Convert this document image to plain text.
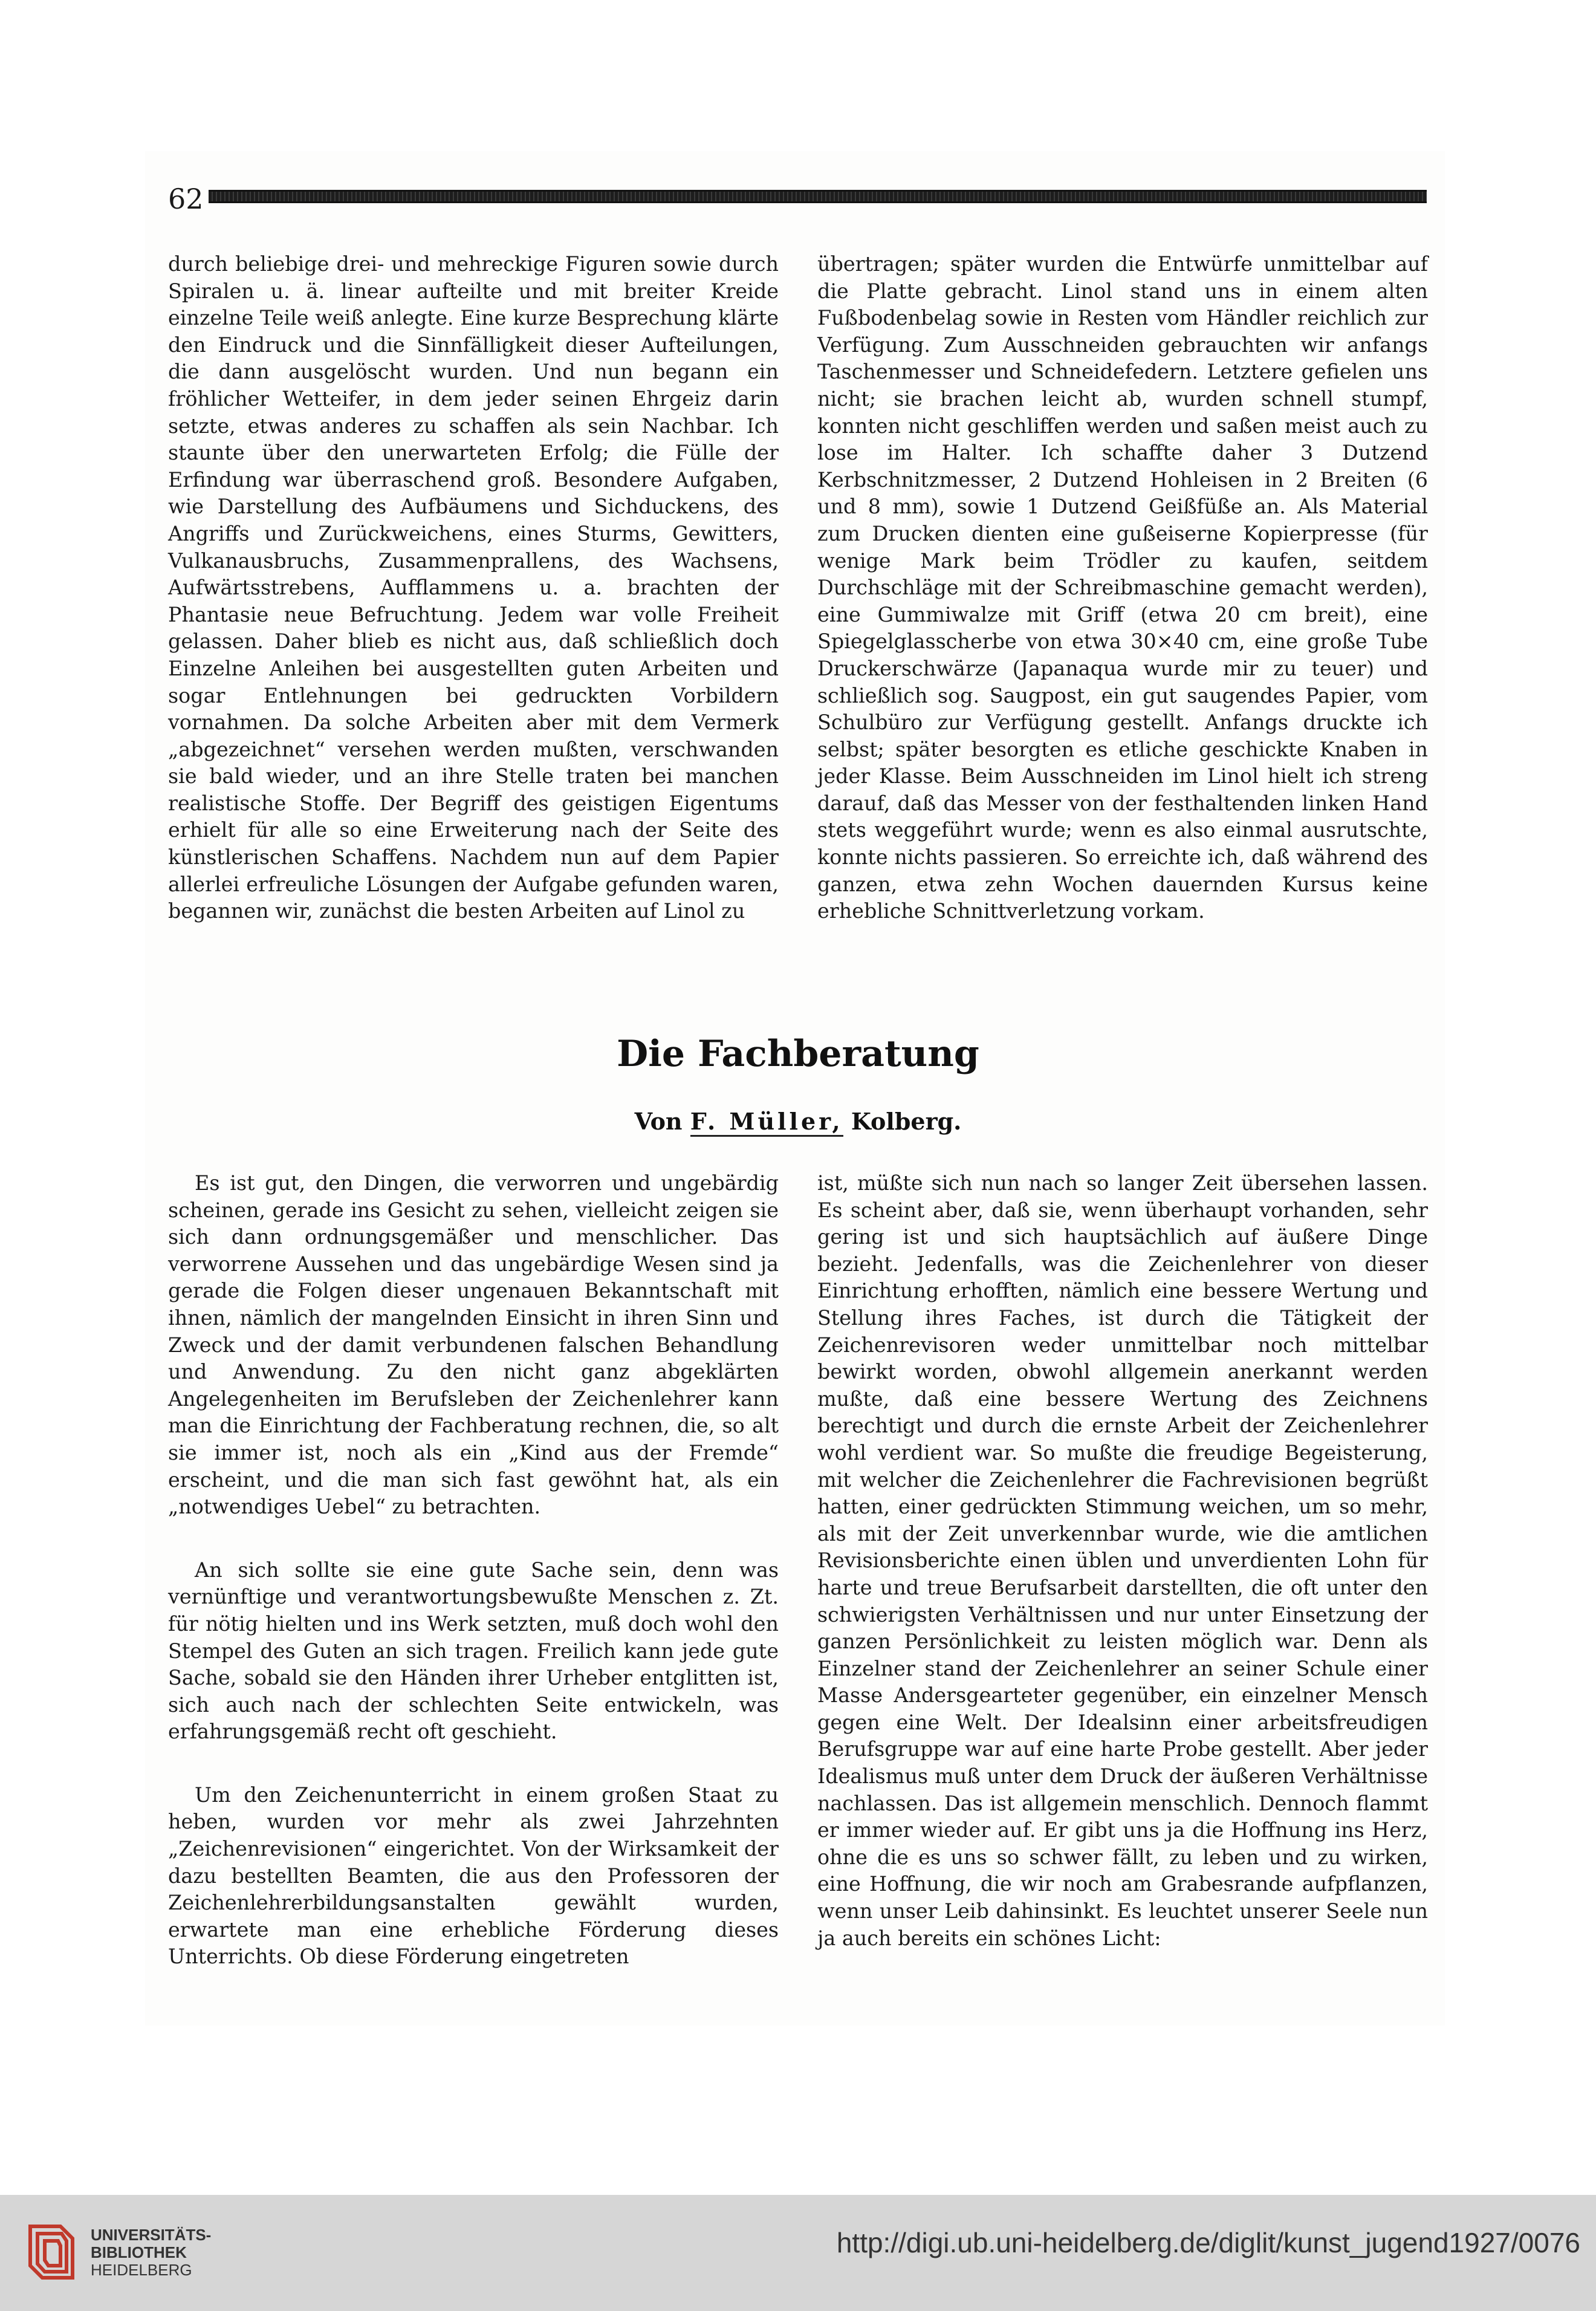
62

durch beliebige drei- und mehreckige Figuren sowie durch Spiralen u. ä. linear aufteilte und mit breiter Kreide einzelne Teile weiß anlegte. Eine kurze Besprechung klärte den Eindruck und die Sinnfälligkeit dieser Aufteilungen, die dann ausgelöscht wurden. Und nun begann ein fröhlicher Wetteifer, in dem jeder seinen Ehrgeiz darin setzte, etwas anderes zu schaffen als sein Nachbar. Ich staunte über den unerwarteten Erfolg; die Fülle der Erfindung war überraschend groß. Besondere Aufgaben, wie Darstellung des Aufbäumens und Sichduckens, des Angriffs und Zurückweichens, eines Sturms, Gewitters, Vulkanausbruchs, Zusammenprallens, des Wachsens, Aufwärtsstrebens, Aufflammens u. a. brachten der Phantasie neue Befruchtung. Jedem war volle Freiheit gelassen. Daher blieb es nicht aus, daß schließlich doch Einzelne Anleihen bei ausgestellten guten Arbeiten und sogar Entlehnungen bei gedruckten Vorbildern vornahmen. Da solche Arbeiten aber mit dem Vermerk „abgezeichnet“ versehen werden mußten, verschwanden sie bald wieder, und an ihre Stelle traten bei manchen realistische Stoffe. Der Begriff des geistigen Eigentums erhielt für alle so eine Erweiterung nach der Seite des künstlerischen Schaffens. Nachdem nun auf dem Papier allerlei erfreuliche Lösungen der Aufgabe gefunden waren, begannen wir, zunächst die besten Arbeiten auf Linol zu

übertragen; später wurden die Entwürfe unmittelbar auf die Platte gebracht. Linol stand uns in einem alten Fußbodenbelag sowie in Resten vom Händler reichlich zur Verfügung. Zum Ausschneiden gebrauchten wir anfangs Taschenmesser und Schneidefedern. Letztere gefielen uns nicht; sie brachen leicht ab, wurden schnell stumpf, konnten nicht geschliffen werden und saßen meist auch zu lose im Halter. Ich schaffte daher 3 Dutzend Kerbschnitzmesser, 2 Dutzend Hohleisen in 2 Breiten (6 und 8 mm), sowie 1 Dutzend Geißfüße an. Als Material zum Drucken dienten eine gußeiserne Kopierpresse (für wenige Mark beim Trödler zu kaufen, seitdem Durchschläge mit der Schreibmaschine gemacht werden), eine Gummiwalze mit Griff (etwa 20 cm breit), eine Spiegelglasscherbe von etwa 30×40 cm, eine große Tube Druckerschwärze (Japanaqua wurde mir zu teuer) und schließlich sog. Saugpost, ein gut saugendes Papier, vom Schulbüro zur Verfügung gestellt. Anfangs druckte ich selbst; später besorgten es etliche geschickte Knaben in jeder Klasse. Beim Ausschneiden im Linol hielt ich streng darauf, daß das Messer von der festhaltenden linken Hand stets weggeführt wurde; wenn es also einmal ausrutschte, konnte nichts passieren. So erreichte ich, daß während des ganzen, etwa zehn Wochen dauernden Kursus keine erhebliche Schnittverletzung vorkam.

Die Fachberatung
Von F. Müller, Kolberg.

Es ist gut, den Dingen, die verworren und ungebärdig scheinen, gerade ins Gesicht zu sehen, vielleicht zeigen sie sich dann ordnungsgemäßer und menschlicher. Das verworrene Aussehen und das ungebärdige Wesen sind ja gerade die Folgen dieser ungenauen Bekanntschaft mit ihnen, nämlich der mangelnden Einsicht in ihren Sinn und Zweck und der damit verbundenen falschen Behandlung und Anwendung. Zu den nicht ganz abgeklärten Angelegenheiten im Berufsleben der Zeichenlehrer kann man die Einrichtung der Fachberatung rechnen, die, so alt sie immer ist, noch als ein „Kind aus der Fremde“ erscheint, und die man sich fast gewöhnt hat, als ein „notwendiges Uebel“ zu betrachten.

An sich sollte sie eine gute Sache sein, denn was vernünftige und verantwortungsbewußte Menschen z. Zt. für nötig hielten und ins Werk setzten, muß doch wohl den Stempel des Guten an sich tragen. Freilich kann jede gute Sache, sobald sie den Händen ihrer Urheber entglitten ist, sich auch nach der schlechten Seite entwickeln, was erfahrungsgemäß recht oft geschieht.

Um den Zeichenunterricht in einem großen Staat zu heben, wurden vor mehr als zwei Jahrzehnten „Zeichenrevisionen“ eingerichtet. Von der Wirksamkeit der dazu bestellten Beamten, die aus den Professoren der Zeichenlehrerbildungsanstalten gewählt wurden, erwartete man eine erhebliche Förderung dieses Unterrichts. Ob diese Förderung eingetreten

ist, müßte sich nun nach so langer Zeit übersehen lassen. Es scheint aber, daß sie, wenn überhaupt vorhanden, sehr gering ist und sich hauptsächlich auf äußere Dinge bezieht. Jedenfalls, was die Zeichenlehrer von dieser Einrichtung erhofften, nämlich eine bessere Wertung und Stellung ihres Faches, ist durch die Tätigkeit der Zeichenrevisoren weder unmittelbar noch mittelbar bewirkt worden, obwohl allgemein anerkannt werden mußte, daß eine bessere Wertung des Zeichnens berechtigt und durch die ernste Arbeit der Zeichenlehrer wohl verdient war. So mußte die freudige Begeisterung, mit welcher die Zeichenlehrer die Fachrevisionen begrüßt hatten, einer gedrückten Stimmung weichen, um so mehr, als mit der Zeit unverkennbar wurde, wie die amtlichen Revisionsberichte einen üblen und unverdienten Lohn für harte und treue Berufsarbeit darstellten, die oft unter den schwierigsten Verhältnissen und nur unter Einsetzung der ganzen Persönlichkeit zu leisten möglich war. Denn als Einzelner stand der Zeichenlehrer an seiner Schule einer Masse Andersgearteter gegenüber, ein einzelner Mensch gegen eine Welt. Der Idealsinn einer arbeitsfreudigen Berufsgruppe war auf eine harte Probe gestellt. Aber jeder Idealismus muß unter dem Druck der äußeren Verhältnisse nachlassen. Das ist allgemein menschlich. Dennoch flammt er immer wieder auf. Er gibt uns ja die Hoffnung ins Herz, ohne die es uns so schwer fällt, zu leben und zu wirken, eine Hoffnung, die wir noch am Grabesrande aufpflanzen, wenn unser Leib dahinsinkt. Es leuchtet unserer Seele nun ja auch bereits ein schönes Licht:

UNIVERSITÄTS-
BIBLIOTHEK
HEIDELBERG
http://digi.ub.uni-heidelberg.de/diglit/kunst_jugend1927/0076
